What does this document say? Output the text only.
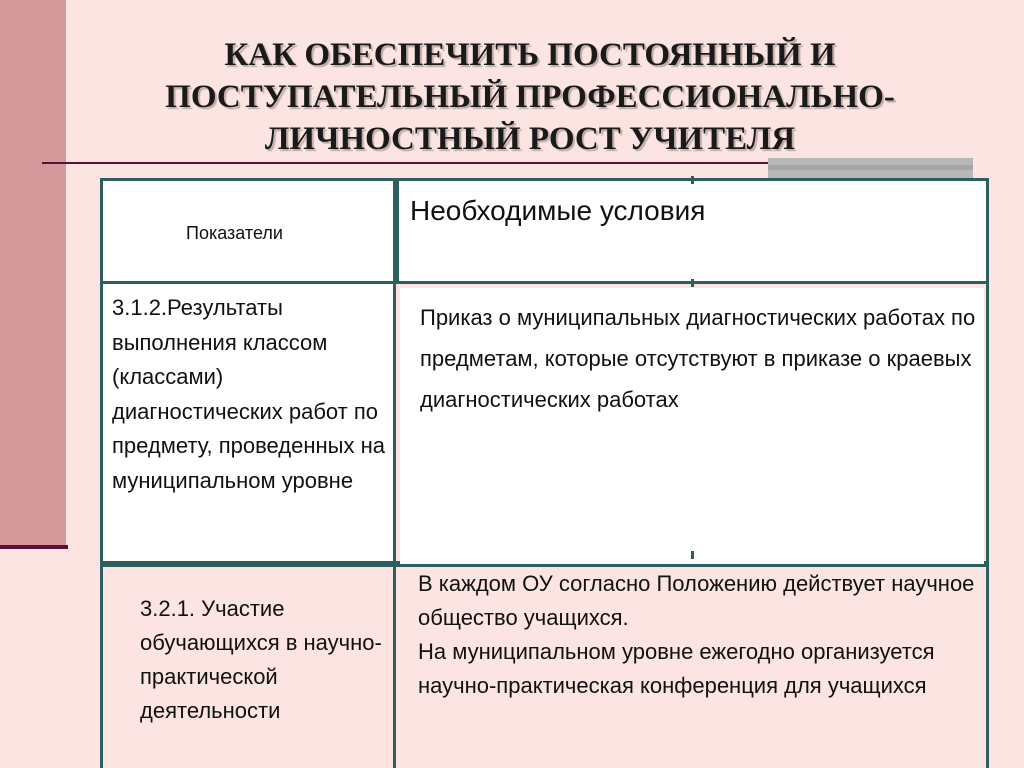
КАК ОБЕСПЕЧИТЬ ПОСТОЯННЫЙ И ПОСТУПАТЕЛЬНЫЙ ПРОФЕССИОНАЛЬНО-ЛИЧНОСТНЫЙ РОСТ УЧИТЕЛЯ

Показатели

Необходимые условия

3.1.2.Результаты выполнения классом (классами) диагностических работ по предмету, проведенных на муниципальном уровне

Приказ о муниципальных диагностических работах по предметам, которые отсутствуют в приказе о краевых диагностических работах

3.2.1. Участие обучающихся в научно-практической деятельности

В каждом ОУ согласно Положению действует научное общество учащихся.
На муниципальном уровне ежегодно организуется научно-практическая конференция для учащихся
